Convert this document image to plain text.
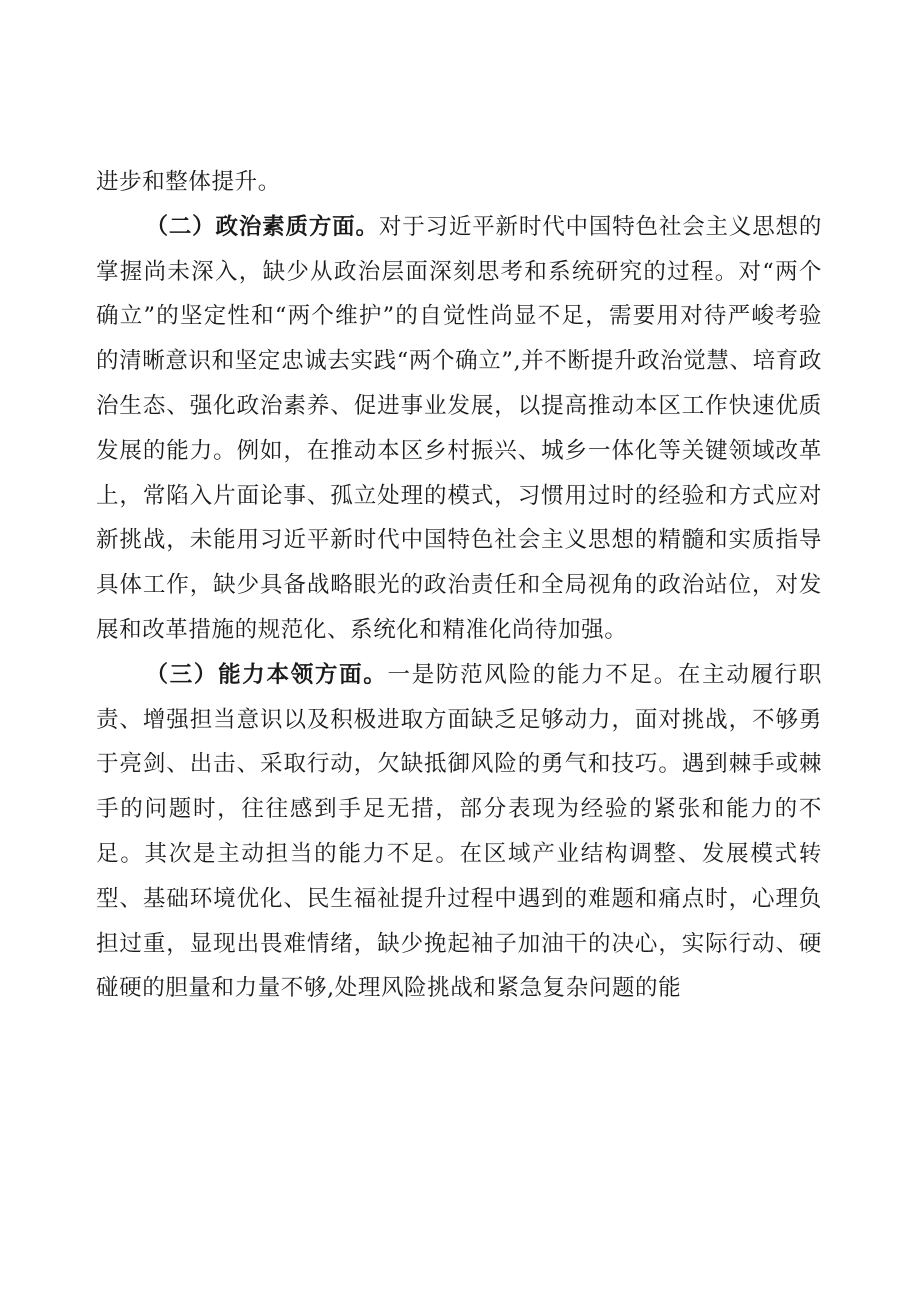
进步和整体提升。

（二）政治素质方面。对于习近平新时代中国特色社会主义思想的掌握尚未深入，缺少从政治层面深刻思考和系统研究的过程。对“两个确立”的坚定性和“两个维护”的自觉性尚显不足，需要用对待严峻考验的清晰意识和坚定忠诚去实践“两个确立”,并不断提升政治觉慧、培育政治生态、强化政治素养、促进事业发展，以提高推动本区工作快速优质发展的能力。例如，在推动本区乡村振兴、城乡一体化等关键领域改革上，常陷入片面论事、孤立处理的模式，习惯用过时的经验和方式应对新挑战，未能用习近平新时代中国特色社会主义思想的精髓和实质指导具体工作，缺少具备战略眼光的政治责任和全局视角的政治站位，对发展和改革措施的规范化、系统化和精准化尚待加强。

（三）能力本领方面。一是防范风险的能力不足。在主动履行职责、增强担当意识以及积极进取方面缺乏足够动力，面对挑战，不够勇于亮剑、出击、采取行动，欠缺抵御风险的勇气和技巧。遇到棘手或棘手的问题时，往往感到手足无措，部分表现为经验的紧张和能力的不足。其次是主动担当的能力不足。在区域产业结构调整、发展模式转型、基础环境优化、民生福祉提升过程中遇到的难题和痛点时，心理负担过重，显现出畏难情绪，缺少挽起袖子加油干的决心，实际行动、硬碰硬的胆量和力量不够,处理风险挑战和紧急复杂问题的能
